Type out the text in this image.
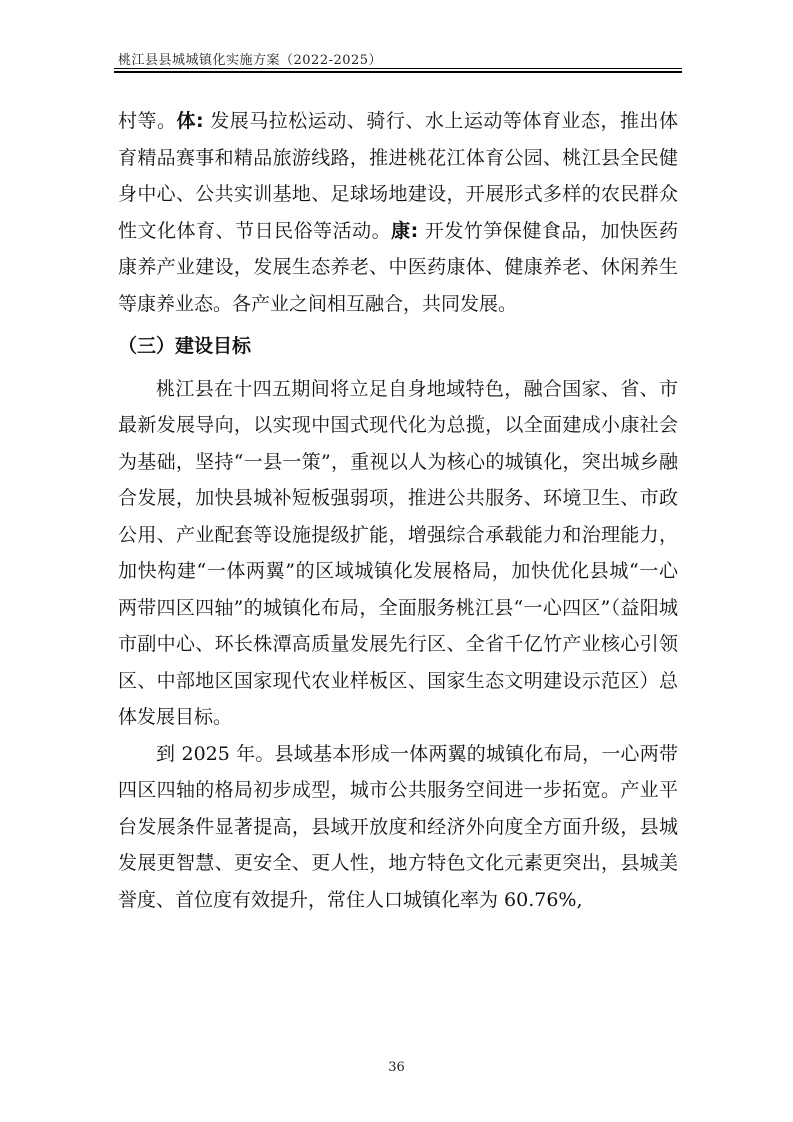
桃江县县城城镇化实施方案（2022-2025）

村等。体: 发展马拉松运动、骑行、水上运动等体育业态，推出体育精品赛事和精品旅游线路，推进桃花江体育公园、桃江县全民健身中心、公共实训基地、足球场地建设，开展形式多样的农民群众性文化体育、节日民俗等活动。康: 开发竹笋保健食品，加快医药康养产业建设，发展生态养老、中医药康体、健康养老、休闲养生等康养业态。各产业之间相互融合，共同发展。

（三）建设目标

桃江县在十四五期间将立足自身地域特色，融合国家、省、市最新发展导向，以实现中国式现代化为总揽，以全面建成小康社会为基础，坚持“一县一策”，重视以人为核心的城镇化，突出城乡融合发展，加快县城补短板强弱项，推进公共服务、环境卫生、市政公用、产业配套等设施提级扩能，增强综合承载能力和治理能力，加快构建“一体两翼”的区域城镇化发展格局，加快优化县城“一心两带四区四轴”的城镇化布局，全面服务桃江县“一心四区”（益阳城市副中心、环长株潭高质量发展先行区、全省千亿竹产业核心引领区、中部地区国家现代农业样板区、国家生态文明建设示范区）总体发展目标。

到 2025 年。县域基本形成一体两翼的城镇化布局，一心两带四区四轴的格局初步成型，城市公共服务空间进一步拓宽。产业平台发展条件显著提高，县域开放度和经济外向度全方面升级，县城发展更智慧、更安全、更人性，地方特色文化元素更突出，县城美誉度、首位度有效提升，常住人口城镇化率为 60.76%,

36
